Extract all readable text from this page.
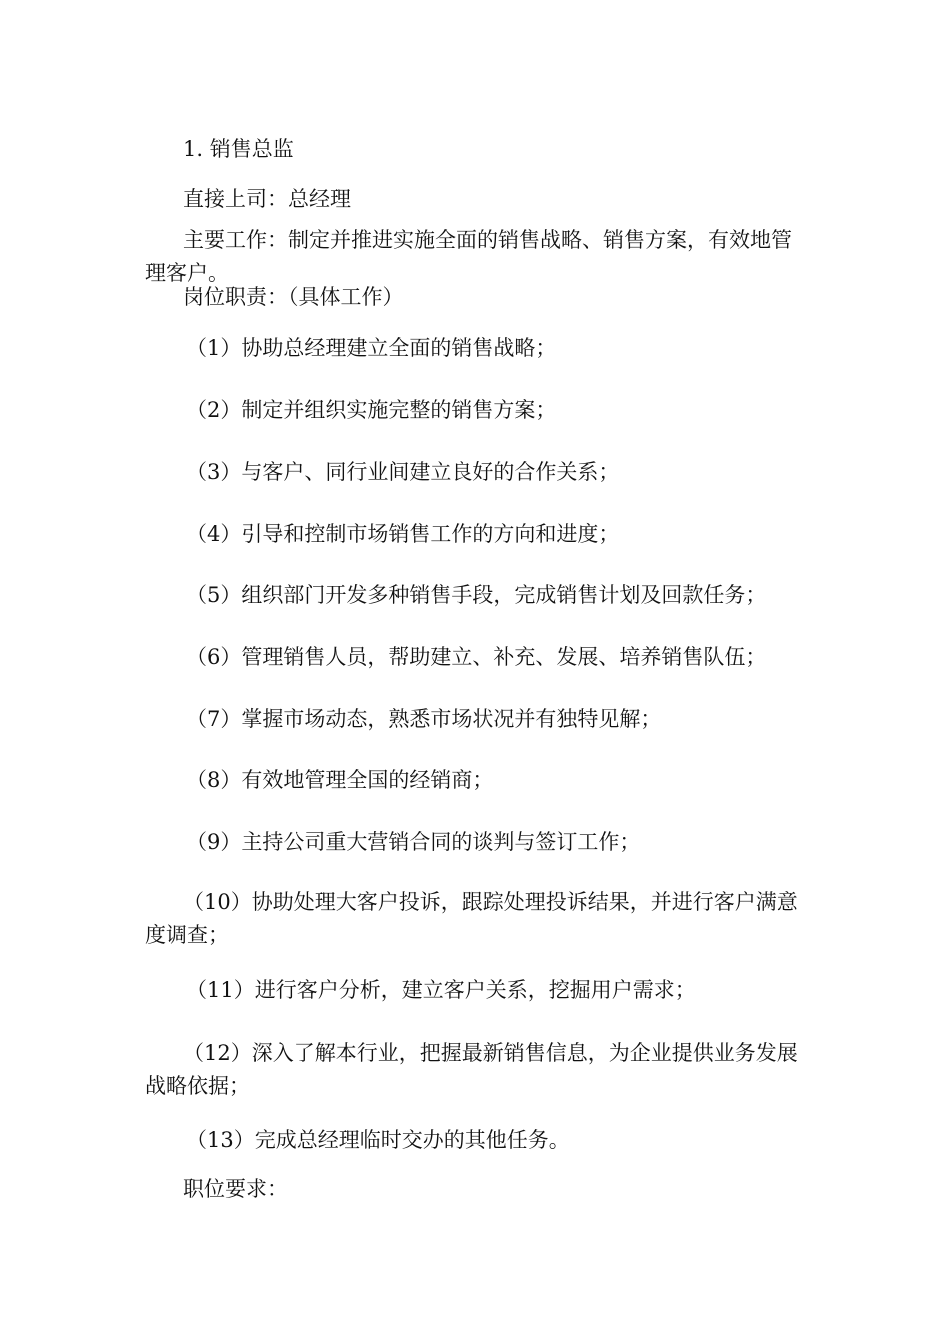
1. 销售总监
直接上司：总经理
主要工作：制定并推进实施全面的销售战略、销售方案，有效地管理客户。
岗位职责：（具体工作）
（1）协助总经理建立全面的销售战略；
（2）制定并组织实施完整的销售方案；
（3）与客户、同行业间建立良好的合作关系；
（4）引导和控制市场销售工作的方向和进度；
（5）组织部门开发多种销售手段，完成销售计划及回款任务；
（6）管理销售人员，帮助建立、补充、发展、培养销售队伍；
（7）掌握市场动态，熟悉市场状况并有独特见解；
（8）有效地管理全国的经销商；
（9）主持公司重大营销合同的谈判与签订工作；
（10）协助处理大客户投诉，跟踪处理投诉结果，并进行客户满意度调查；
（11）进行客户分析，建立客户关系，挖掘用户需求；
（12）深入了解本行业，把握最新销售信息，为企业提供业务发展战略依据；
（13）完成总经理临时交办的其他任务。
职位要求：
